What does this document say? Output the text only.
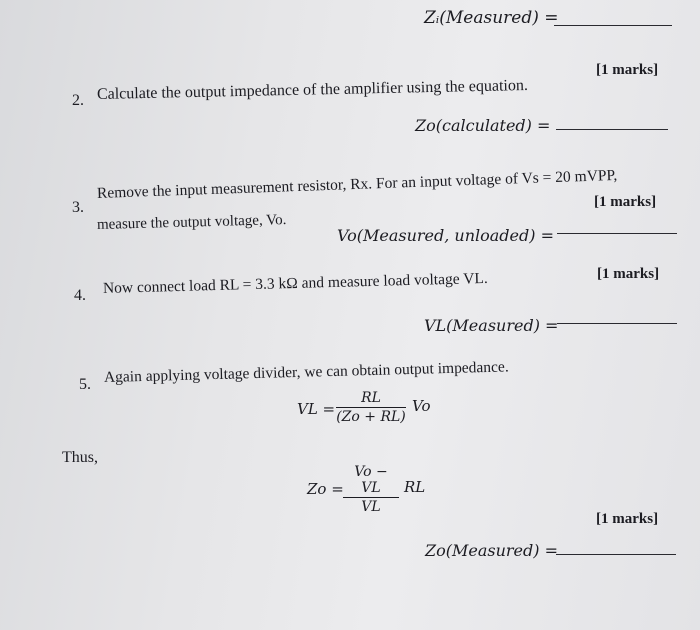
Zᵢ(Measured) =
2. Calculate the output impedance of the amplifier using the equation.
[1 marks]
Zo(calculated) =
3.
Remove the input measurement resistor, Rx. For an input voltage of Vs = 20 mVPP,
measure the output voltage, Vo.
[1 marks]
Vo(Measured, unloaded) =
4. Now connect load RL = 3.3 kΩ and measure load voltage VL.	[1 marks]
VL(Measured) =
5. Again applying voltage divider, we can obtain output impedance.
VL =
RL
(Zo + RL)
Vo
Thus,
Zo =
Vo − VL
VL
RL
[1 marks]
Zo(Measured) =
